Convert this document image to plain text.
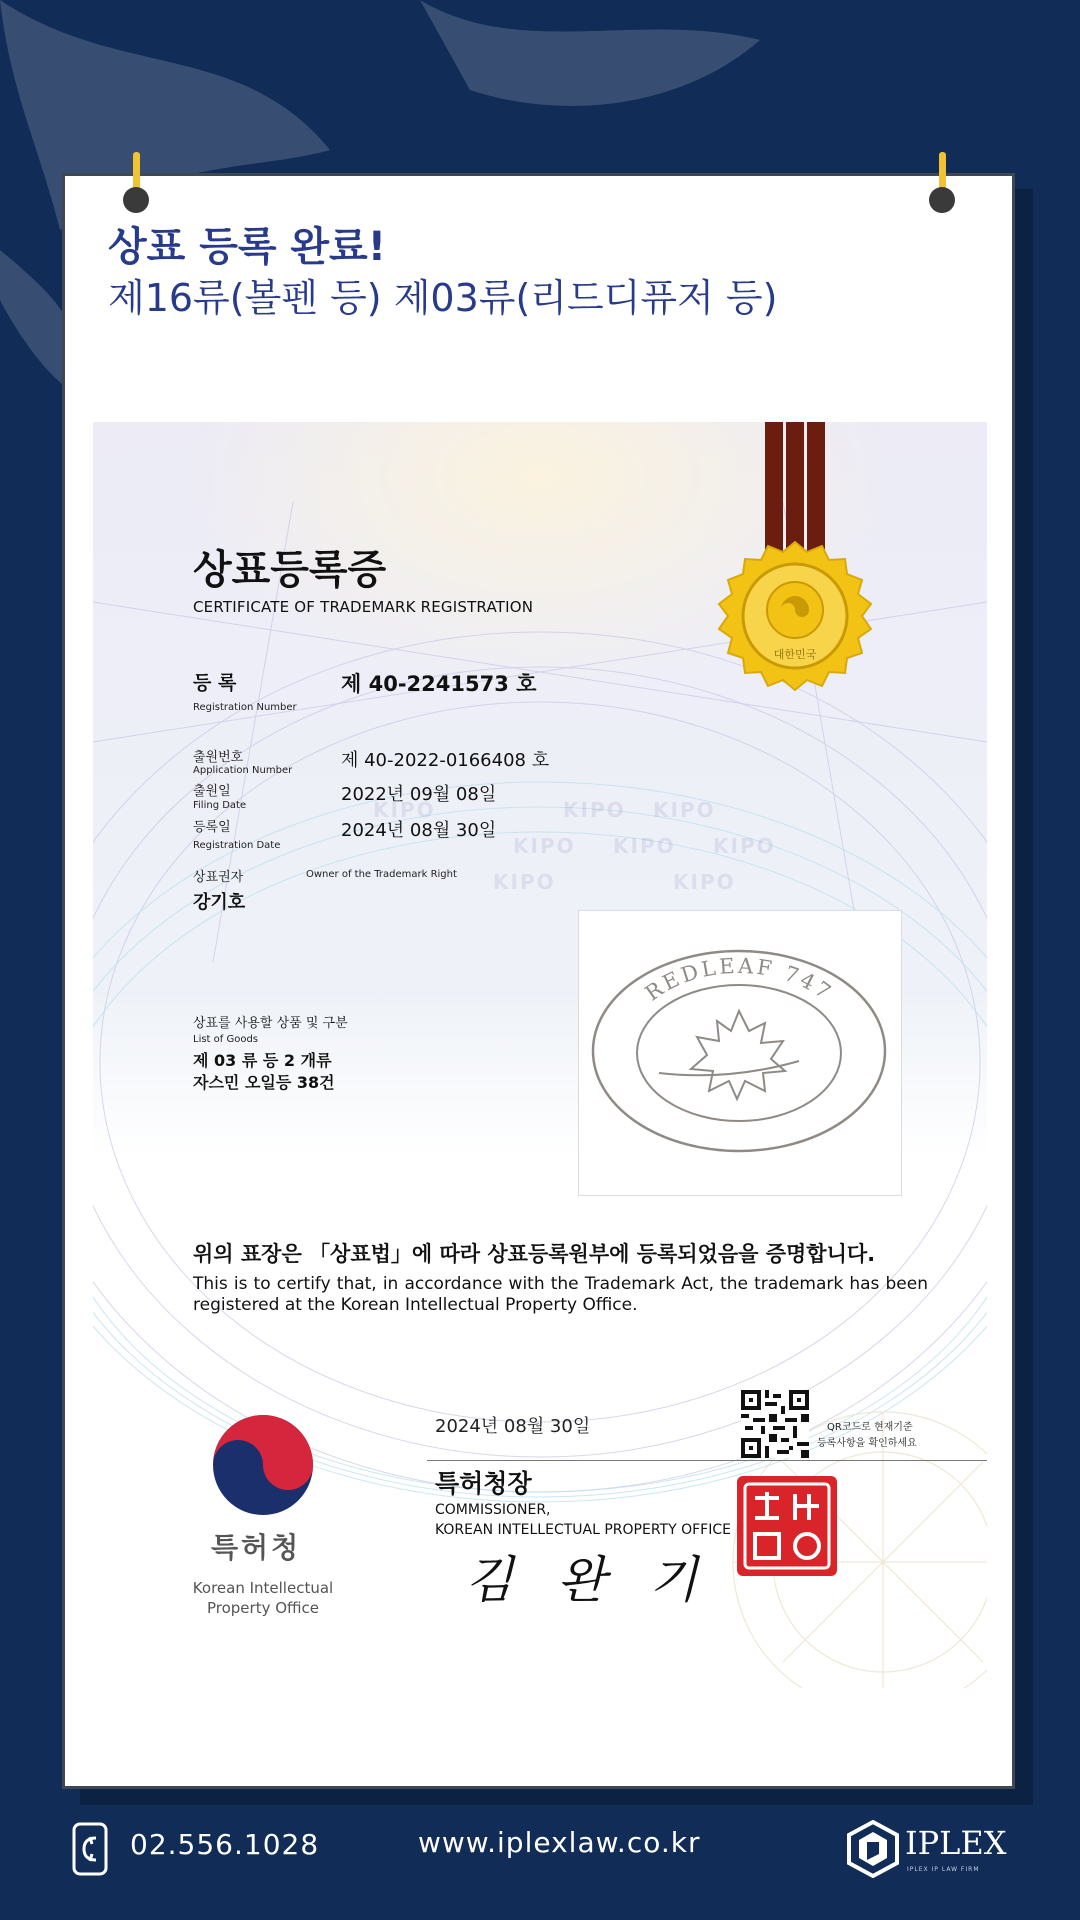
상표 등록 완료!
제16류(볼펜 등) 제03류(리드디퓨저 등)
KIPO	KIPO KIPO
KIPO KIPO KIPO
KIPO	KIPO
대한민국
상표등록증
CERTIFICATE OF TRADEMARK REGISTRATION
등 록
Registration Number
제 40-2241573 호
출원번호
Application Number	제 40-2022-0166408 호
출원일
Filing Date
2022년 09월 08일
등록일
Registration Date
2024년 08월 30일
상표권자	Owner of the Trademark Right
강기호
상표를 사용할 상품 및 구분
List of Goods
제 03 류 등 2 개류
자스민 오일등 38건
REDLEAF 747
위의 표장은 「상표법」에 따라 상표등록원부에 등록되었음을 증명합니다.
This is to certify that, in accordance with the Trademark Act, the trademark has been registered at the Korean Intellectual Property Office.
특허청
Korean Intellectual
Property Office
2024년 08월 30일	QR코드로 현재기준
등록사항을 확인하세요
특허청장
COMMISSIONER,
KOREAN INTELLECTUAL PROPERTY OFFICE
김 완 기
02.556.1028	www.iplexlaw.co.kr	IPLEX
IPLEX IP LAW FIRM
